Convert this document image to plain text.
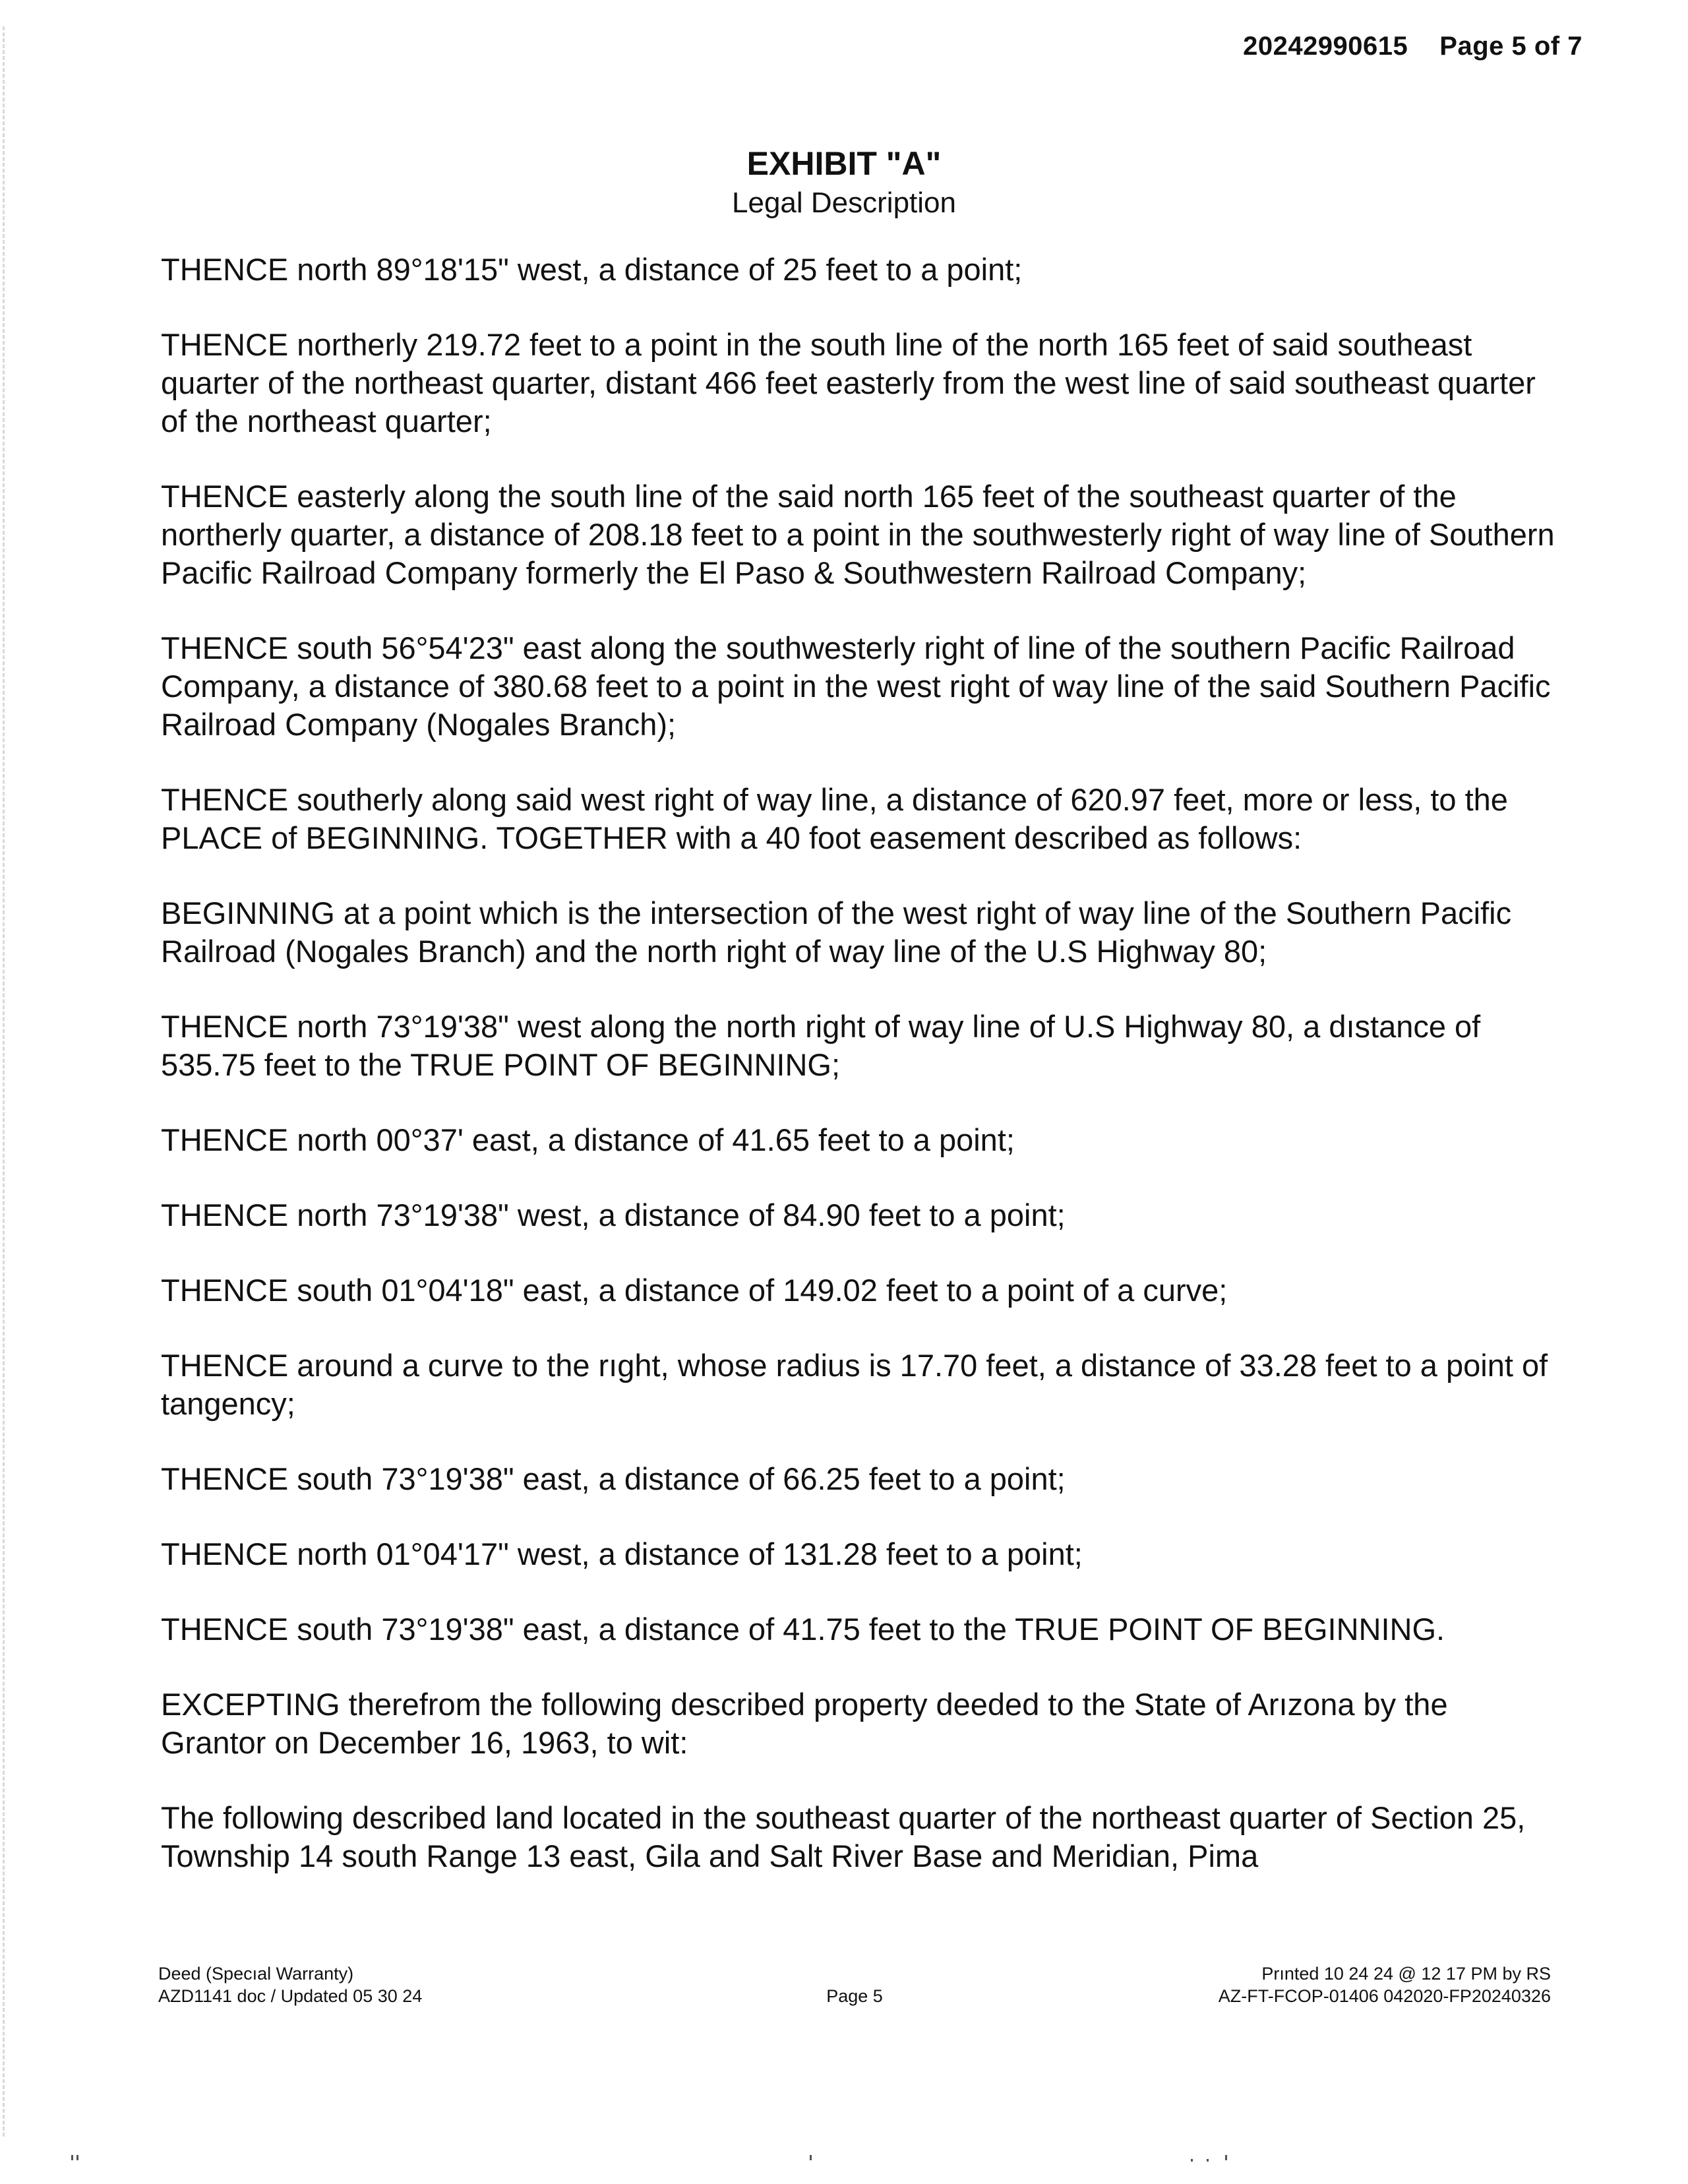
20242990615 Page 5 of 7
EXHIBIT "A"
Legal Description

THENCE north 89°18'15" west, a distance of 25 feet to a point;

THENCE northerly 219.72 feet to a point in the south line of the north 165 feet of said southeast quarter of the northeast quarter, distant 466 feet easterly from the west line of said southeast quarter of the northeast quarter;

THENCE easterly along the south line of the said north 165 feet of the southeast quarter of the northerly quarter, a distance of 208.18 feet to a point in the southwesterly right of way line of Southern Pacific Railroad Company formerly the El Paso & Southwestern Railroad Company;

THENCE south 56°54'23" east along the southwesterly right of line of the southern Pacific Railroad Company, a distance of 380.68 feet to a point in the west right of way line of the said Southern Pacific Railroad Company (Nogales Branch);

THENCE southerly along said west right of way line, a distance of 620.97 feet, more or less, to the PLACE of BEGINNING. TOGETHER with a 40 foot easement described as follows:

BEGINNING at a point which is the intersection of the west right of way line of the Southern Pacific Railroad (Nogales Branch) and the north right of way line of the U.S Highway 80;

THENCE north 73°19'38" west along the north right of way line of U.S Highway 80, a dıstance of 535.75 feet to the TRUE POINT OF BEGINNING;

THENCE north 00°37' east, a distance of 41.65 feet to a point;

THENCE north 73°19'38" west, a distance of 84.90 feet to a point;

THENCE south 01°04'18" east, a distance of 149.02 feet to a point of a curve;

THENCE around a curve to the rıght, whose radius is 17.70 feet, a distance of 33.28 feet to a point of tangency;

THENCE south 73°19'38" east, a distance of 66.25 feet to a point;

THENCE north 01°04'17" west, a distance of 131.28 feet to a point;

THENCE south 73°19'38" east, a distance of 41.75 feet to the TRUE POINT OF BEGINNING.

EXCEPTING therefrom the following described property deeded to the State of Arızona by the Grantor on December 16, 1963, to wit:

The following described land located in the southeast quarter of the northeast quarter of Section 25, Township 14 south Range 13 east, Gila and Salt River Base and Meridian, Pima

Deed (Specıal Warranty)
AZD1141 doc / Updated 05 30 24	Page 5
Prınted 10 24 24 @ 12 17 PM by RS
AZ-FT-FCOP-01406 042020-FP20240326
